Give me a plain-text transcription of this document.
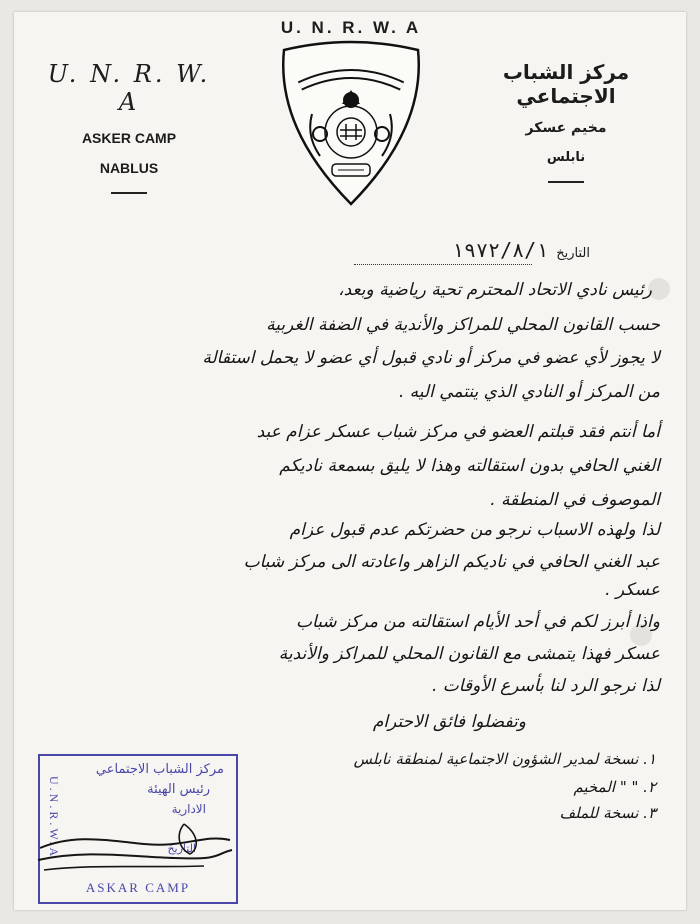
U. N. R. W. A
U. N. R. W. A
ASKER CAMP
NABLUS
مركز الشباب الاجتماعي
مخيم عسكر
نابلس
التاريخ
١٩٧٢/٨/١
رئيس نادي الاتحاد المحترم تحية رياضية وبعد،
حسب القانون المحلي للمراكز والأندية في الضفة الغربية
لا يجوز لأي عضو في مركز أو نادي قبول أي عضو لا يحمل استقالة
من المركز أو النادي الذي ينتمي اليه .
أما أنتم فقد قبلتم العضو في مركز شباب عسكر عزام عبد
الغني الحافي بدون استقالته وهذا لا يليق بسمعة ناديكم
الموصوف في المنطقة .
لذا ولهذه الاسباب نرجو من حضرتكم عدم قبول عزام
عبد الغني الحافي في ناديكم الزاهر واعادته الى مركز شباب
عسكر .
واذا أبرز لكم في أحد الأيام استقالته من مركز شباب
عسكر فهذا يتمشى مع القانون المحلي للمراكز والأندية
لذا نرجو الرد لنا بأسرع الأوقات .
وتفضلوا فائق الاحترام
١. نسخة لمدير الشؤون الاجتماعية لمنطقة نابلس
٢. " " المخيم
٣. نسخة للملف
مركز الشباب الاجتماعي
رئيس الهيئة
الادارية
التاريخ
U.N.R.W.A
ASKAR CAMP
